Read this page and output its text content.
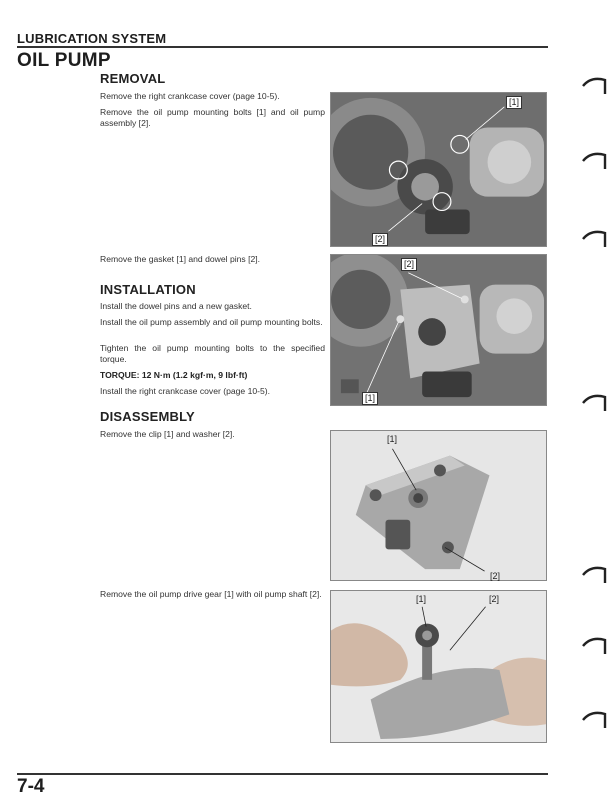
LUBRICATION SYSTEM
OIL PUMP
REMOVAL
Remove the right crankcase cover (page 10-5).
Remove the oil pump mounting bolts [1] and oil pump assembly [2].
Remove the gasket [1] and dowel pins [2].
INSTALLATION
Install the dowel pins and a new gasket.
Install the oil pump assembly and oil pump mounting bolts.
Tighten the oil pump mounting bolts to the specified torque.
TORQUE: 12 N·m (1.2 kgf·m, 9 lbf·ft)
Install the right crankcase cover (page 10-5).
DISASSEMBLY
Remove the clip [1] and washer [2].
Remove the oil pump drive gear [1] with oil pump shaft [2].
[1]
[2]
[2]
[1]
[1]
[2]
[1]	[2]
7-4
